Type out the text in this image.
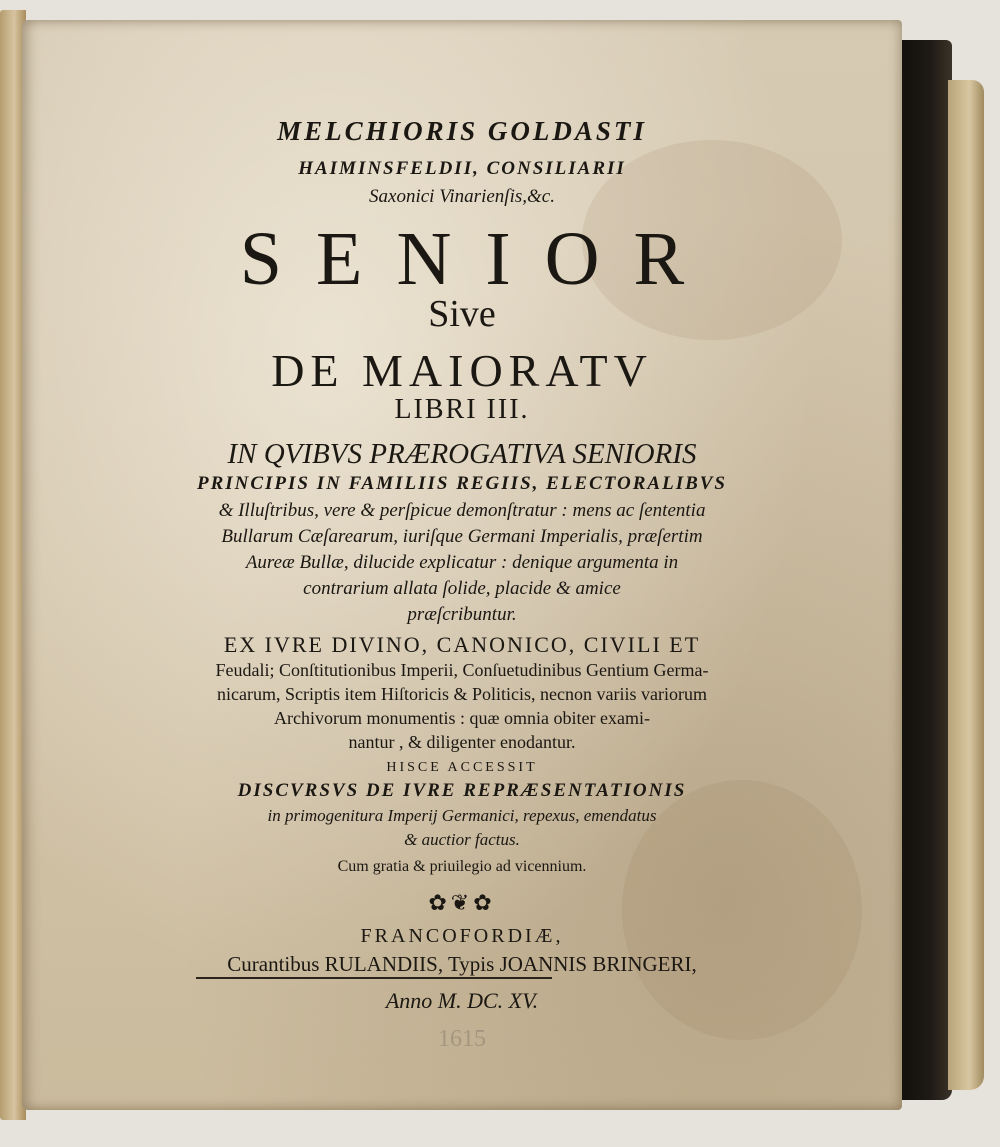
MELCHIORIS GOLDASTI
HAIMINSFELDII, CONSILIARII
Saxonici Vinarienſis,&c.
SENIOR
Sive
DE MAIORATV
LIBRI III.
IN QVIBVS PRÆROGATIVA SENIORIS
PRINCIPIS IN FAMILIIS REGIIS, ELECTORALIBVS
& Illuſtribus, vere & perſpicue demonſtratur : mens ac ſententia
Bullarum Cæſarearum, iuriſque Germani Imperialis, præſertim
Aureæ Bullæ, dilucide explicatur : denique argumenta in
contrarium allata ſolide, placide & amice
præſcribuntur.
EX IVRE DIVINO, CANONICO, CIVILI ET
Feudali; Conſtitutionibus Imperii, Conſuetudinibus Gentium Germa-
nicarum, Scriptis item Hiſtoricis & Politicis, necnon variis variorum
Archivorum monumentis : quæ omnia obiter exami-
nantur , & diligenter enodantur.
HISCE ACCESSIT
DISCVRSVS DE IVRE REPRÆSENTATIONIS
in primogenitura Imperij Germanici, repexus, emendatus
& auctior factus.
Cum gratia & priuilegio ad vicennium.
✿❦✿
FRANCOFORDIÆ,
Curantibus RULANDIIS, Typis JOANNIS BRINGERI,
Anno M. DC. XV.
1615
